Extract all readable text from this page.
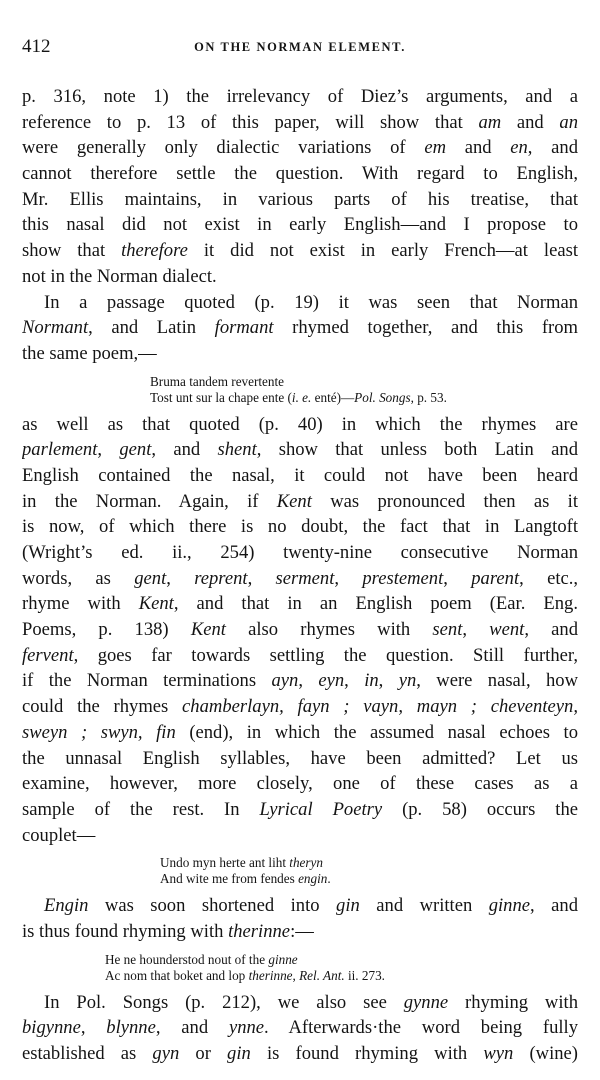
412	ON THE NORMAN ELEMENT.
p. 316, note 1) the irrelevancy of Diez’s arguments, and a
reference to p. 13 of this paper, will show that am and an
were generally only dialectic variations of em and en, and
cannot therefore settle the question. With regard to English,
Mr. Ellis maintains, in various parts of his treatise, that
this nasal did not exist in early English—and I propose to
show that therefore it did not exist in early French—at least
not in the Norman dialect.
In a passage quoted (p. 19) it was seen that Norman
Normant, and Latin formant rhymed together, and this from
the same poem,—
Bruma tandem revertente
Tost unt sur la chape ente (i. e. enté)—Pol. Songs, p. 53.
as well as that quoted (p. 40) in which the rhymes are
parlement, gent, and shent, show that unless both Latin and
English contained the nasal, it could not have been heard
in the Norman. Again, if Kent was pronounced then as it
is now, of which there is no doubt, the fact that in Langtoft
(Wright’s ed. ii., 254) twenty-nine consecutive Norman
words, as gent, reprent, serment, prestement, parent, etc.,
rhyme with Kent, and that in an English poem (Ear. Eng.
Poems, p. 138) Kent also rhymes with sent, went, and
fervent, goes far towards settling the question. Still further,
if the Norman terminations ayn, eyn, in, yn, were nasal, how
could the rhymes chamberlayn, fayn ; vayn, mayn ; cheventeyn,
sweyn ; swyn, fin (end), in which the assumed nasal echoes to
the unnasal English syllables, have been admitted? Let us
examine, however, more closely, one of these cases as a
sample of the rest. In Lyrical Poetry (p. 58) occurs the
couplet—
Undo myn herte ant liht theryn
And wite me from fendes engin.
Engin was soon shortened into gin and written ginne, and
is thus found rhyming with therinne:—
He ne hounderstod nout of the ginne
Ac nom that boket and lop therinne, Rel. Ant. ii. 273.
In Pol. Songs (p. 212), we also see gynne rhyming with
bigynne, blynne, and ynne. Afterwards·the word being fully
established as gyn or gin is found rhyming with wyn (wine)
